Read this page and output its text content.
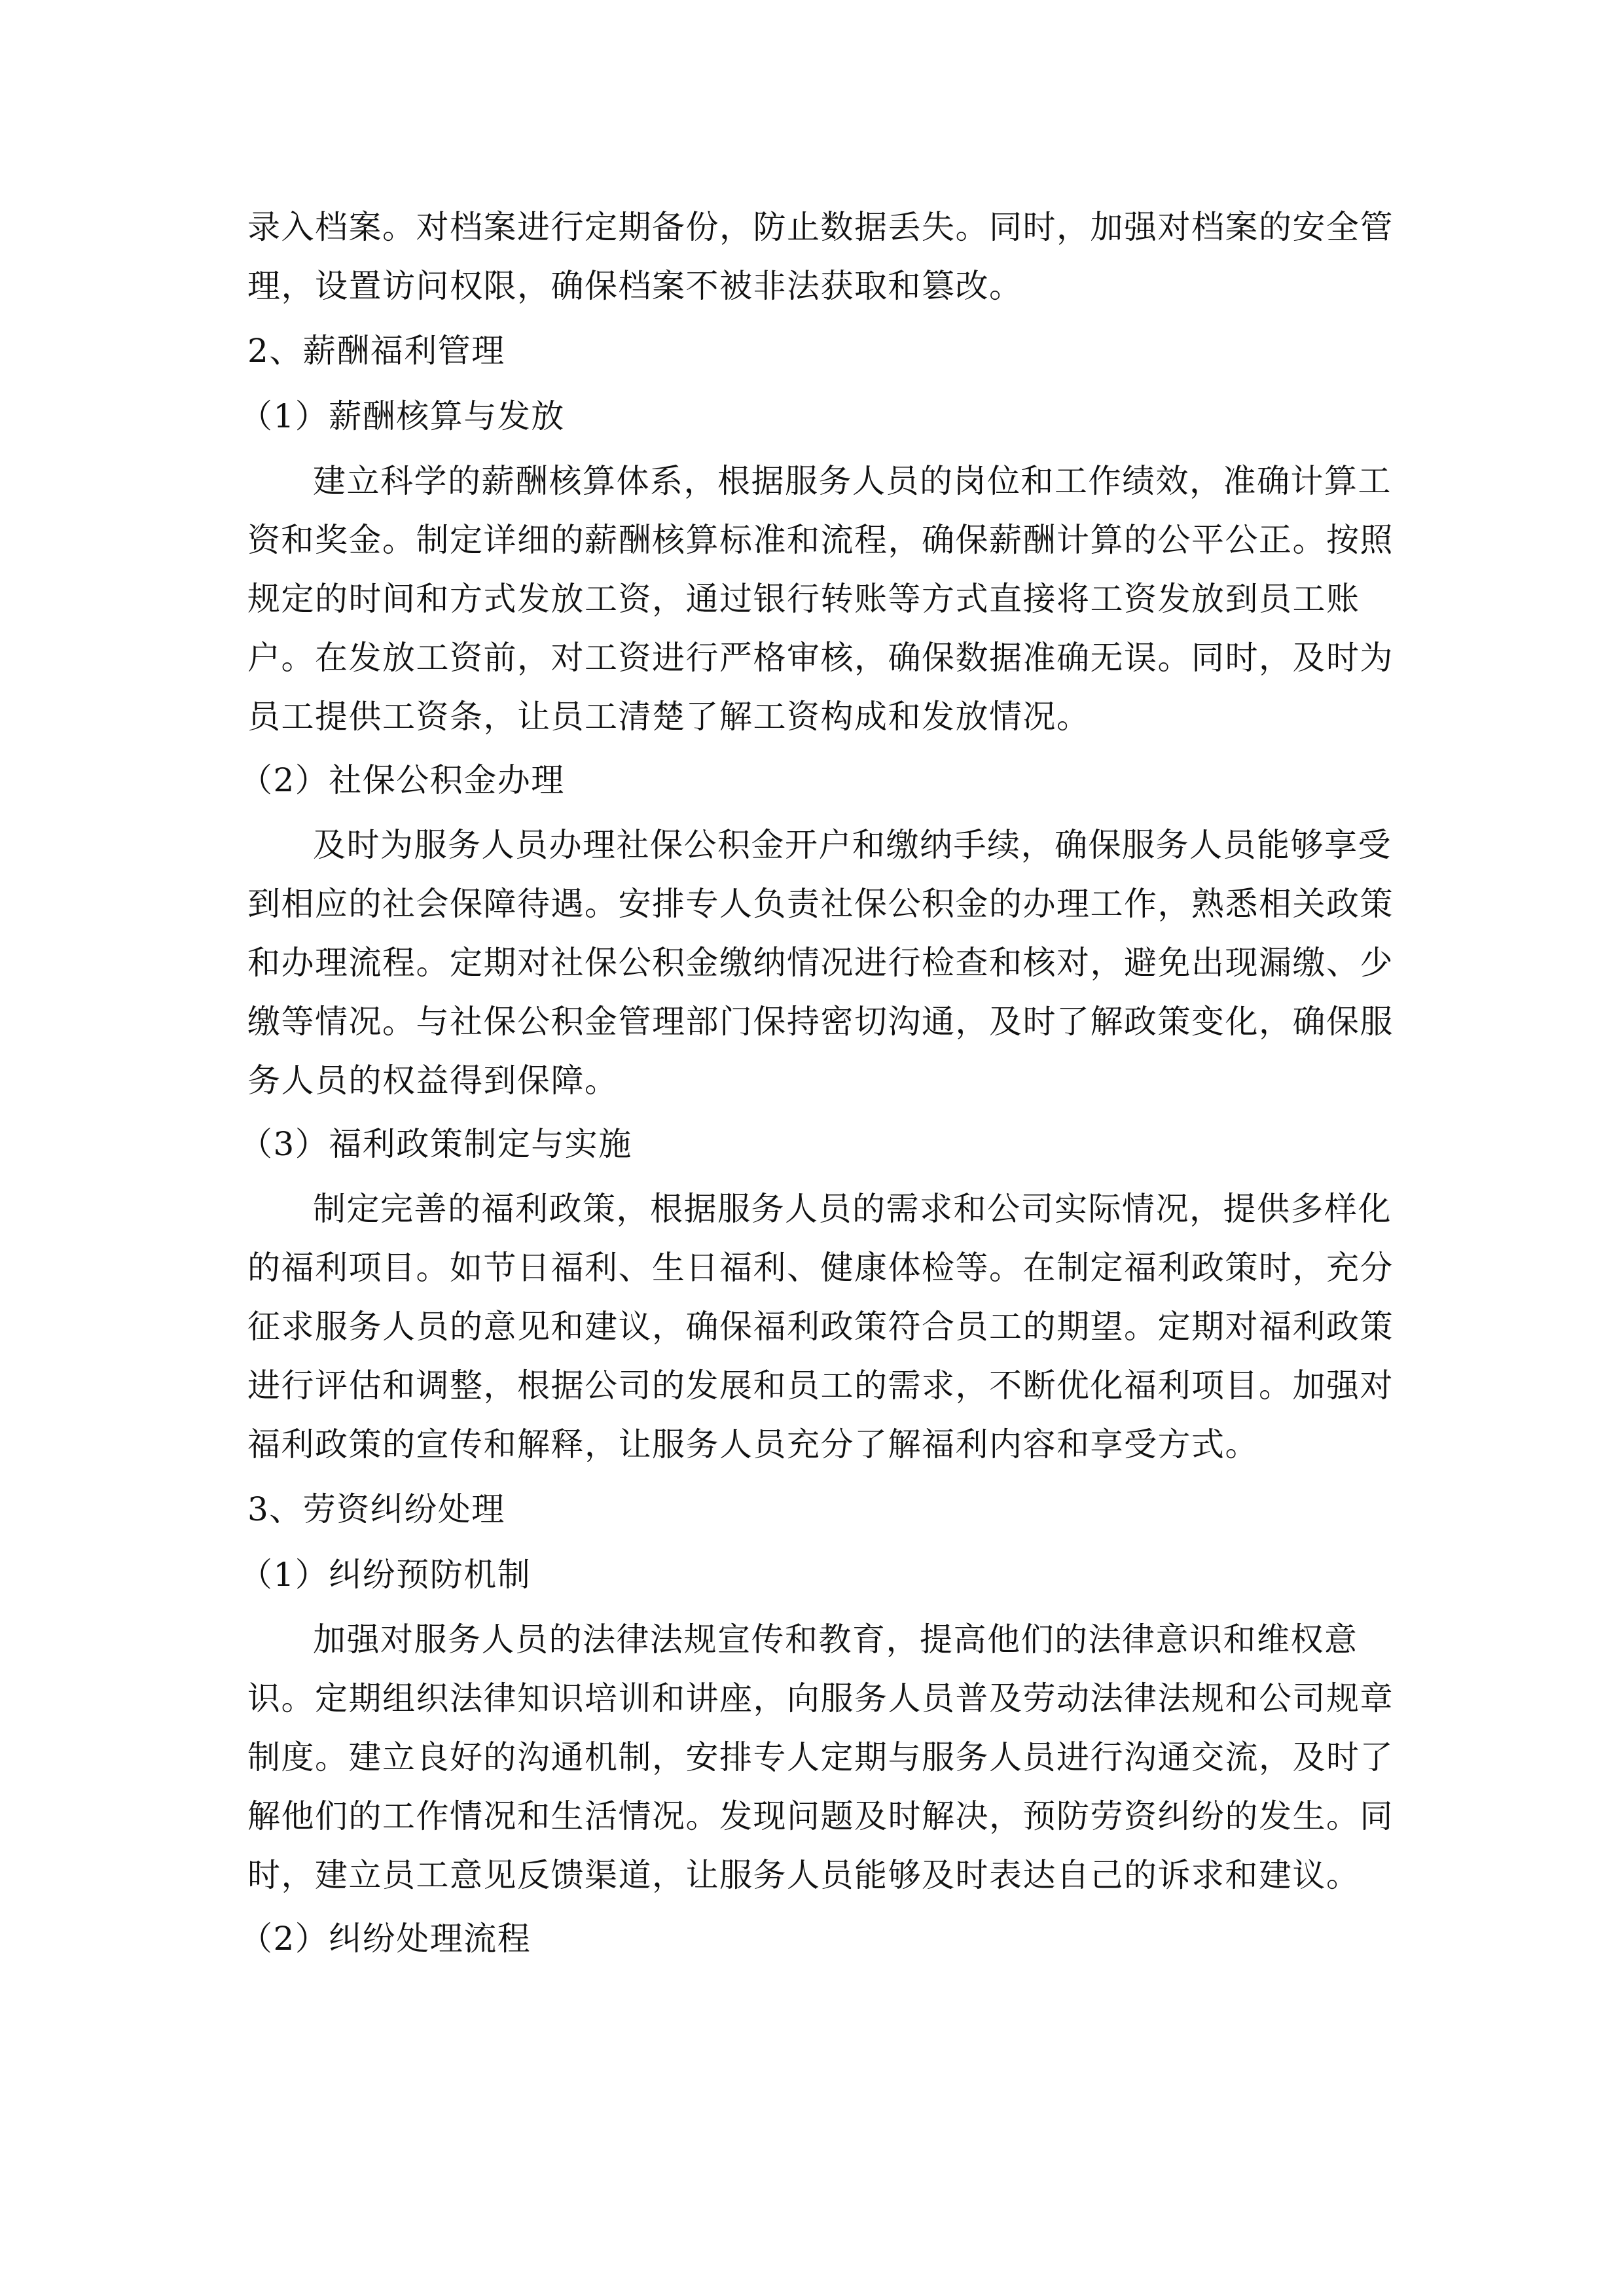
录入档案。对档案进行定期备份，防止数据丢失。同时，加强对档案的安全管
理，设置访问权限，确保档案不被非法获取和篡改。
2、薪酬福利管理
（1）薪酬核算与发放
建立科学的薪酬核算体系，根据服务人员的岗位和工作绩效，准确计算工
资和奖金。制定详细的薪酬核算标准和流程，确保薪酬计算的公平公正。按照
规定的时间和方式发放工资，通过银行转账等方式直接将工资发放到员工账
户。在发放工资前，对工资进行严格审核，确保数据准确无误。同时，及时为
员工提供工资条，让员工清楚了解工资构成和发放情况。
（2）社保公积金办理
及时为服务人员办理社保公积金开户和缴纳手续，确保服务人员能够享受
到相应的社会保障待遇。安排专人负责社保公积金的办理工作，熟悉相关政策
和办理流程。定期对社保公积金缴纳情况进行检查和核对，避免出现漏缴、少
缴等情况。与社保公积金管理部门保持密切沟通，及时了解政策变化，确保服
务人员的权益得到保障。
（3）福利政策制定与实施
制定完善的福利政策，根据服务人员的需求和公司实际情况，提供多样化
的福利项目。如节日福利、生日福利、健康体检等。在制定福利政策时，充分
征求服务人员的意见和建议，确保福利政策符合员工的期望。定期对福利政策
进行评估和调整，根据公司的发展和员工的需求，不断优化福利项目。加强对
福利政策的宣传和解释，让服务人员充分了解福利内容和享受方式。
3、劳资纠纷处理
（1）纠纷预防机制
加强对服务人员的法律法规宣传和教育，提高他们的法律意识和维权意
识。定期组织法律知识培训和讲座，向服务人员普及劳动法律法规和公司规章
制度。建立良好的沟通机制，安排专人定期与服务人员进行沟通交流，及时了
解他们的工作情况和生活情况。发现问题及时解决，预防劳资纠纷的发生。同
时，建立员工意见反馈渠道，让服务人员能够及时表达自己的诉求和建议。
（2）纠纷处理流程
